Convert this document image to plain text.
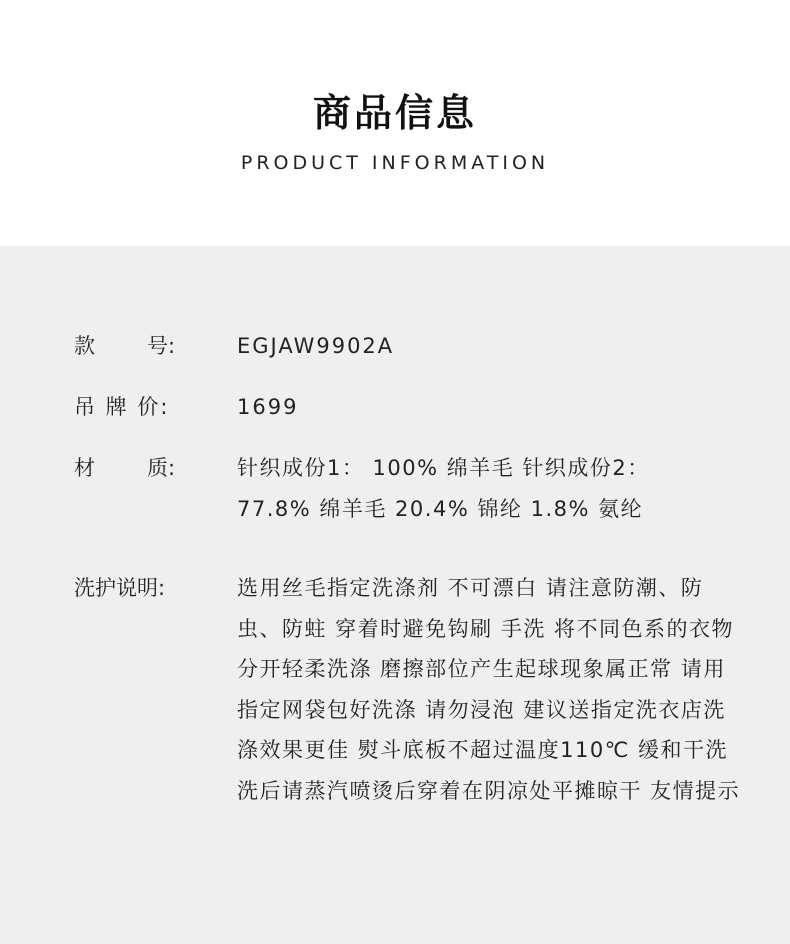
商品信息
PRODUCT INFORMATION
款 号:	EGJAW9902A
吊 牌 价:	1699
材 质:	针织成份1： 100% 绵羊毛 针织成份2：77.8% 绵羊毛 20.4% 锦纶 1.8% 氨纶
洗护说明:	选用丝毛指定洗涤剂 不可漂白 请注意防潮、防虫、防蛀 穿着时避免钩刷 手洗 将不同色系的衣物分开轻柔洗涤 磨擦部位产生起球现象属正常 请用指定网袋包好洗涤 请勿浸泡 建议送指定洗衣店洗涤效果更佳 熨斗底板不超过温度110℃ 缓和干洗 洗后请蒸汽喷烫后穿着在阴凉处平摊晾干 友情提示
